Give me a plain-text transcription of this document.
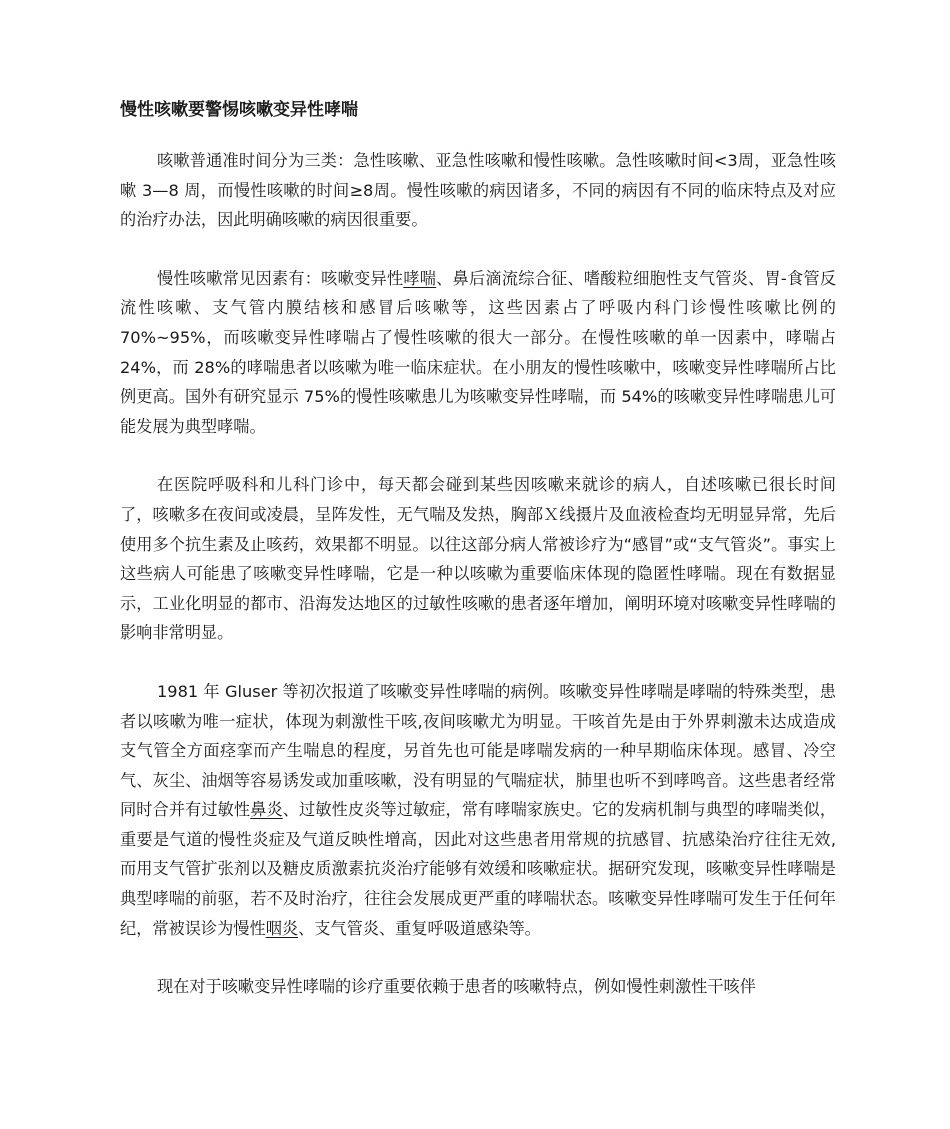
慢性咳嗽要警惕咳嗽变异性哮喘

咳嗽普通准时间分为三类：急性咳嗽、亚急性咳嗽和慢性咳嗽。急性咳嗽时间<3周，亚急性咳嗽 3—8 周，而慢性咳嗽的时间≥8周。慢性咳嗽的病因诸多，不同的病因有不同的临床特点及对应的治疗办法，因此明确咳嗽的病因很重要。

慢性咳嗽常见因素有：咳嗽变异性哮喘、鼻后滴流综合征、嗜酸粒细胞性支气管炎、胃-食管反流性咳嗽、支气管内膜结核和感冒后咳嗽等，这些因素占了呼吸内科门诊慢性咳嗽比例的 70%~95%，而咳嗽变异性哮喘占了慢性咳嗽的很大一部分。在慢性咳嗽的单一因素中，哮喘占 24%，而 28%的哮喘患者以咳嗽为唯一临床症状。在小朋友的慢性咳嗽中，咳嗽变异性哮喘所占比例更高。国外有研究显示 75%的慢性咳嗽患儿为咳嗽变异性哮喘，而 54%的咳嗽变异性哮喘患儿可能发展为典型哮喘。

在医院呼吸科和儿科门诊中，每天都会碰到某些因咳嗽来就诊的病人，自述咳嗽已很长时间了，咳嗽多在夜间或凌晨，呈阵发性，无气喘及发热，胸部Ｘ线摄片及血液检查均无明显异常，先后使用多个抗生素及止咳药，效果都不明显。以往这部分病人常被诊疗为“感冒”或“支气管炎”。事实上这些病人可能患了咳嗽变异性哮喘，它是一种以咳嗽为重要临床体现的隐匿性哮喘。现在有数据显示，工业化明显的都市、沿海发达地区的过敏性咳嗽的患者逐年增加，阐明环境对咳嗽变异性哮喘的影响非常明显。

1981 年 Gluser 等初次报道了咳嗽变异性哮喘的病例。咳嗽变异性哮喘是哮喘的特殊类型，患者以咳嗽为唯一症状，体现为刺激性干咳,夜间咳嗽尤为明显。干咳首先是由于外界刺激未达成造成支气管全方面痉挛而产生喘息的程度，另首先也可能是哮喘发病的一种早期临床体现。感冒、冷空气、灰尘、油烟等容易诱发或加重咳嗽，没有明显的气喘症状，肺里也听不到哮鸣音。这些患者经常同时合并有过敏性鼻炎、过敏性皮炎等过敏症，常有哮喘家族史。它的发病机制与典型的哮喘类似，重要是气道的慢性炎症及气道反映性增高，因此对这些患者用常规的抗感冒、抗感染治疗往往无效,而用支气管扩张剂以及糖皮质激素抗炎治疗能够有效缓和咳嗽症状。据研究发现，咳嗽变异性哮喘是典型哮喘的前驱，若不及时治疗，往往会发展成更严重的哮喘状态。咳嗽变异性哮喘可发生于任何年纪，常被误诊为慢性咽炎、支气管炎、重复呼吸道感染等。

现在对于咳嗽变异性哮喘的诊疗重要依赖于患者的咳嗽特点，例如慢性刺激性干咳伴
